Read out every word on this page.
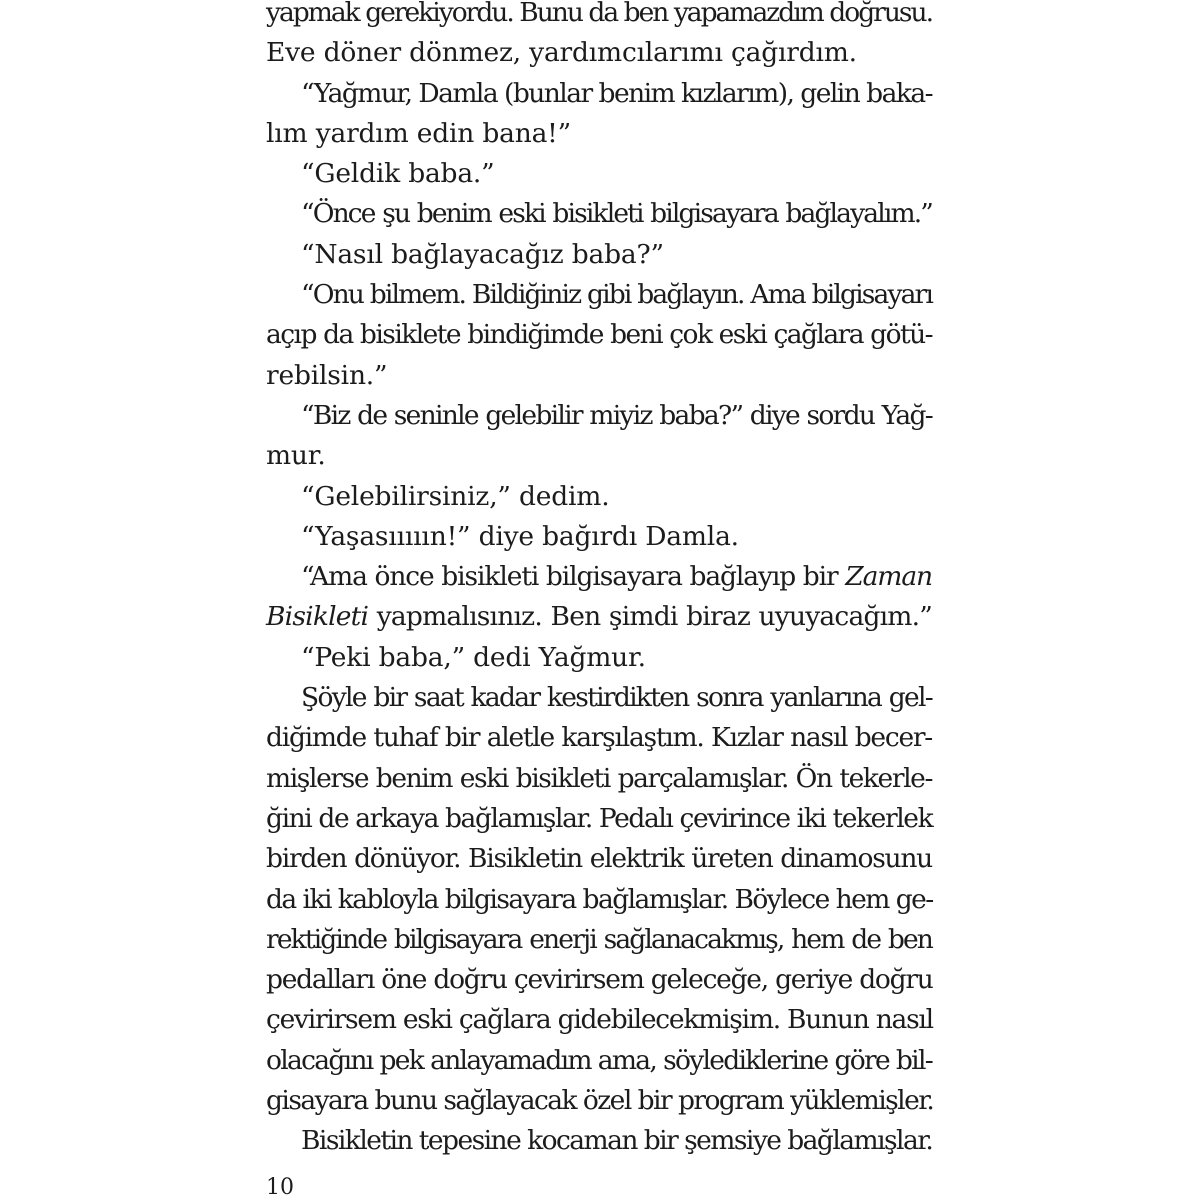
yapmak gerekiyordu. Bunu da ben yapamazdım doğrusu.
Eve döner dönmez, yardımcılarımı çağırdım.
“Yağmur, Damla (bunlar benim kızlarım), gelin baka-
lım yardım edin bana!”
“Geldik baba.”
“Önce şu benim eski bisikleti bilgisayara bağlayalım.”
“Nasıl bağlayacağız baba?”
“Onu bilmem. Bildiğiniz gibi bağlayın. Ama bilgisayarı
açıp da bisiklete bindiğimde beni çok eski çağlara götü-
rebilsin.”
“Biz de seninle gelebilir miyiz baba?” diye sordu Yağ-
mur.
“Gelebilirsiniz,” dedim.
“Yaşasııııın!” diye bağırdı Damla.
“Ama önce bisikleti bilgisayara bağlayıp bir Zaman
Bisikleti yapmalısınız. Ben şimdi biraz uyuyacağım.”
“Peki baba,” dedi Yağmur.
Şöyle bir saat kadar kestirdikten sonra yanlarına gel-
diğimde tuhaf bir aletle karşılaştım. Kızlar nasıl becer-
mişlerse benim eski bisikleti parçalamışlar. Ön tekerle-
ğini de arkaya bağlamışlar. Pedalı çevirince iki tekerlek
birden dönüyor. Bisikletin elektrik üreten dinamosunu
da iki kabloyla bilgisayara bağlamışlar. Böylece hem ge-
rektiğinde bilgisayara enerji sağlanacakmış, hem de ben
pedalları öne doğru çevirirsem geleceğe, geriye doğru
çevirirsem eski çağlara gidebilecekmişim. Bunun nasıl
olacağını pek anlayamadım ama, söylediklerine göre bil-
gisayara bunu sağlayacak özel bir program yüklemişler.
Bisikletin tepesine kocaman bir şemsiye bağlamışlar.
10
